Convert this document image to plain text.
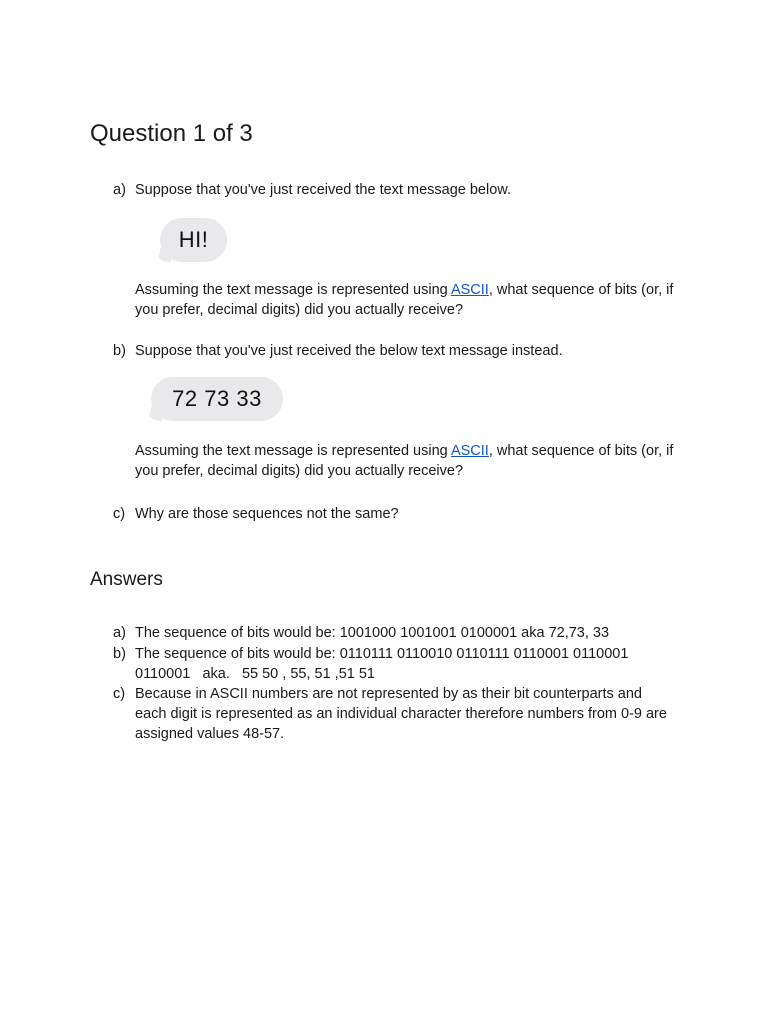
Question 1 of 3
a) Suppose that you've just received the text message below.
HI!
Assuming the text message is represented using ASCII, what sequence of bits (or, if you prefer, decimal digits) did you actually receive?
b) Suppose that you've just received the below text message instead.
72 73 33
Assuming the text message is represented using ASCII, what sequence of bits (or, if you prefer, decimal digits) did you actually receive?
c) Why are those sequences not the same?
Answers
a) The sequence of bits would be: 1001000 1001001 0100001 aka 72,73, 33
b) The sequence of bits would be: 0110111 0110010 0110111 0110001 0110001 0110001   aka.   55 50 , 55, 51 ,51 51
c) Because in ASCII numbers are not represented by as their bit counterparts and each digit is represented as an individual character therefore numbers from 0-9 are assigned values 48-57.
